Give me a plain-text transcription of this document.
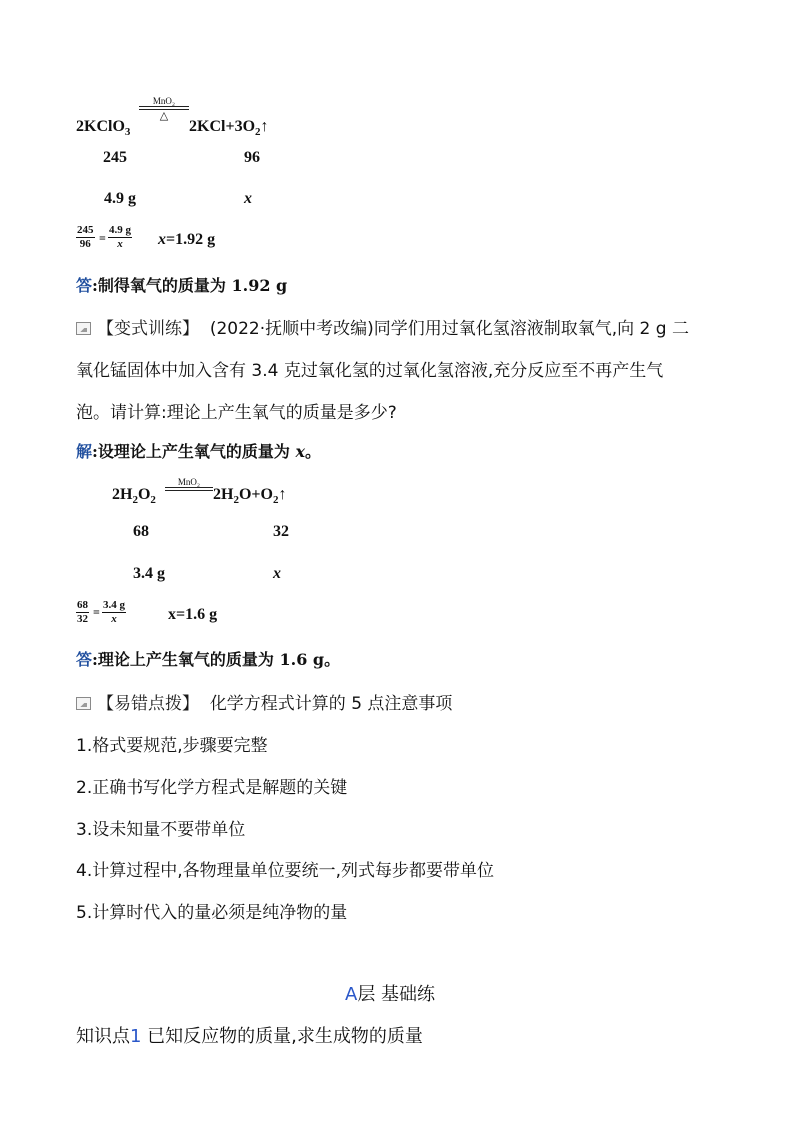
2KClO$_3$
MnO₂
△
$2KCl+3O_2↑$
245	96
4.9 g	x
$\frac{245}{96} = \frac{4.9 g}{x} x=1.92$ g
答:制得氧气的质量为 1.92 g
【变式训练】 (2022·抚顺中考改编)同学们用过氧化氢溶液制取氧气,向 2 g 二
氧化锰固体中加入含有 3.4 克过氧化氢的过氧化氢溶液,充分反应至不再产生气
泡。请计算:理论上产生氧气的质量是多少?
解:设理论上产生氧气的质量为 x。
$2H_2O_2$
MnO₂
$2H_2O+O_2↑$
68	32
3.4 g	x
$\frac{68}{32} = \frac{3.4 g}{x}$	x=1.6 g
答:理论上产生氧气的质量为 1.6 g。
【易错点拨】 化学方程式计算的 5 点注意事项
1.格式要规范,步骤要完整
2.正确书写化学方程式是解题的关键
3.设未知量不要带单位
4.计算过程中,各物理量单位要统一,列式每步都要带单位
5.计算时代入的量必须是纯净物的量
A层 基础练
知识点1 已知反应物的质量,求生成物的质量
